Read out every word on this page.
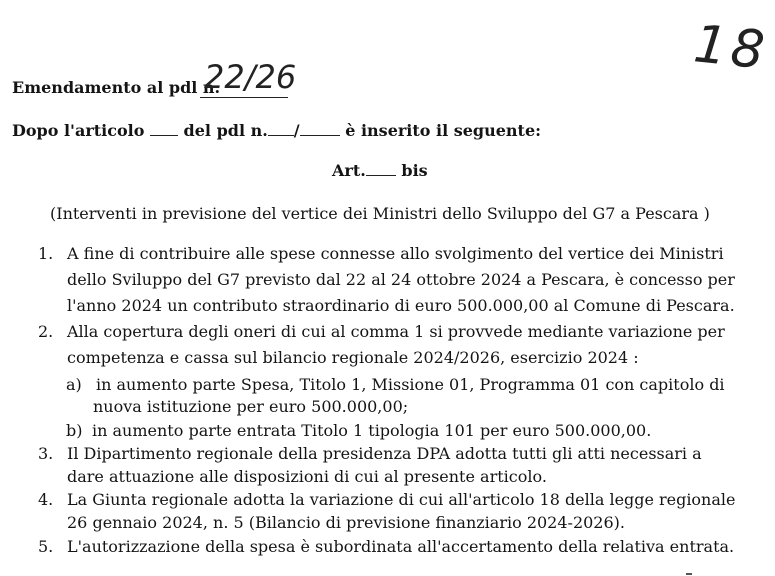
18
Emendamento al pdl n.
22/26
Dopo l'articolo del pdl n. /	è inserito il seguente:
Art. bis
(Interventi in previsione del vertice dei Ministri dello Sviluppo del G7 a Pescara )
1. A fine di contribuire alle spese connesse allo svolgimento del vertice dei Ministri
dello Sviluppo del G7 previsto dal 22 al 24 ottobre 2024 a Pescara, è concesso per
l'anno 2024 un contributo straordinario di euro 500.000,00 al Comune di Pescara.
2. Alla copertura degli oneri di cui al comma 1 si provvede mediante variazione per
competenza e cassa sul bilancio regionale 2024/2026, esercizio 2024 :
a) in aumento parte Spesa, Titolo 1, Missione 01, Programma 01 con capitolo di
nuova istituzione per euro 500.000,00;
b) in aumento parte entrata Titolo 1 tipologia 101 per euro 500.000,00.
3. Il Dipartimento regionale della presidenza DPA adotta tutti gli atti necessari a
dare attuazione alle disposizioni di cui al presente articolo.
4. La Giunta regionale adotta la variazione di cui all'articolo 18 della legge regionale
26 gennaio 2024, n. 5 (Bilancio di previsione finanziario 2024-2026).
5. L'autorizzazione della spesa è subordinata all'accertamento della relativa entrata.
